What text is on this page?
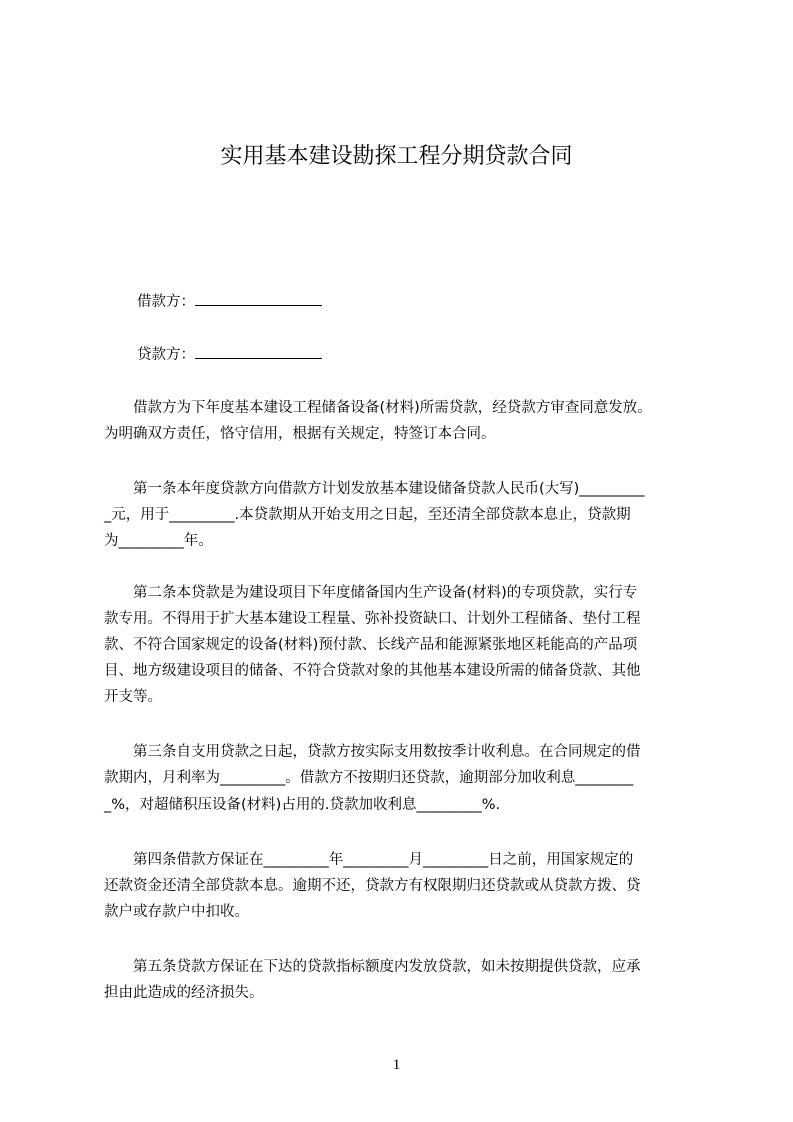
实用基本建设勘探工程分期贷款合同
借款方：
贷款方：
　　借款方为下年度基本建设工程储备设备(材料)所需贷款，经贷款方审查同意发放。
为明确双方责任，恪守信用，根据有关规定，特签订本合同。
　　第一条本年度贷款方向借款方计划发放基本建设储备贷款人民币(大写)_________
_元，用于_________.本贷款期从开始支用之日起，至还清全部贷款本息止，贷款期
为_________年。
　　第二条本贷款是为建设项目下年度储备国内生产设备(材料)的专项贷款，实行专
款专用。不得用于扩大基本建设工程量、弥补投资缺口、计划外工程储备、垫付工程
款、不符合国家规定的设备(材料)预付款、长线产品和能源紧张地区耗能高的产品项
目、地方级建设项目的储备、不符合贷款对象的其他基本建设所需的储备贷款、其他
开支等。
　　第三条自支用贷款之日起，贷款方按实际支用数按季计收利息。在合同规定的借
款期内，月利率为_________。借款方不按期归还贷款，逾期部分加收利息________
_%，对超储积压设备(材料)占用的.贷款加收利息_________%.
　　第四条借款方保证在_________年_________月_________日之前，用国家规定的
还款资金还清全部贷款本息。逾期不还，贷款方有权限期归还贷款或从贷款方拨、贷
款户或存款户中扣收。
　　第五条贷款方保证在下达的贷款指标额度内发放贷款，如未按期提供贷款，应承
担由此造成的经济损失。
1
